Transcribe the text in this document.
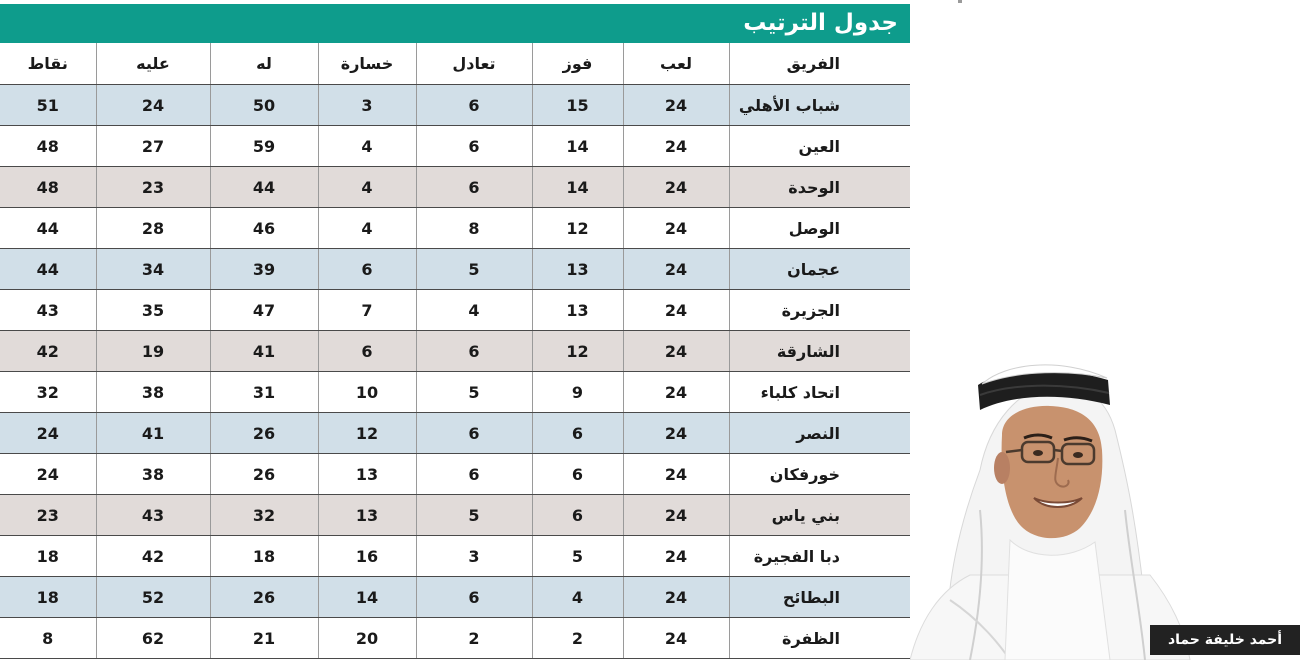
جدول الترتيب
الفريق	لعب	فوز	تعادل	خسارة	له	عليه	نقاط
شباب الأهلي	24	15	6	3	50	24	51
العين	24	14	6	4	59	27	48
الوحدة	24	14	6	4	44	23	48
الوصل	24	12	8	4	46	28	44
عجمان	24	13	5	6	39	34	44
الجزيرة	24	13	4	7	47	35	43
الشارقة	24	12	6	6	41	19	42
اتحاد كلباء	24	9	5	10	31	38	32
النصر	24	6	6	12	26	41	24
خورفكان	24	6	6	13	26	38	24
بني ياس	24	6	5	13	32	43	23
دبا الفجيرة	24	5	3	16	18	42	18
البطائح	24	4	6	14	26	52	18
الظفرة	24	2	2	20	21	62	8	أحمد خليفة حماد
